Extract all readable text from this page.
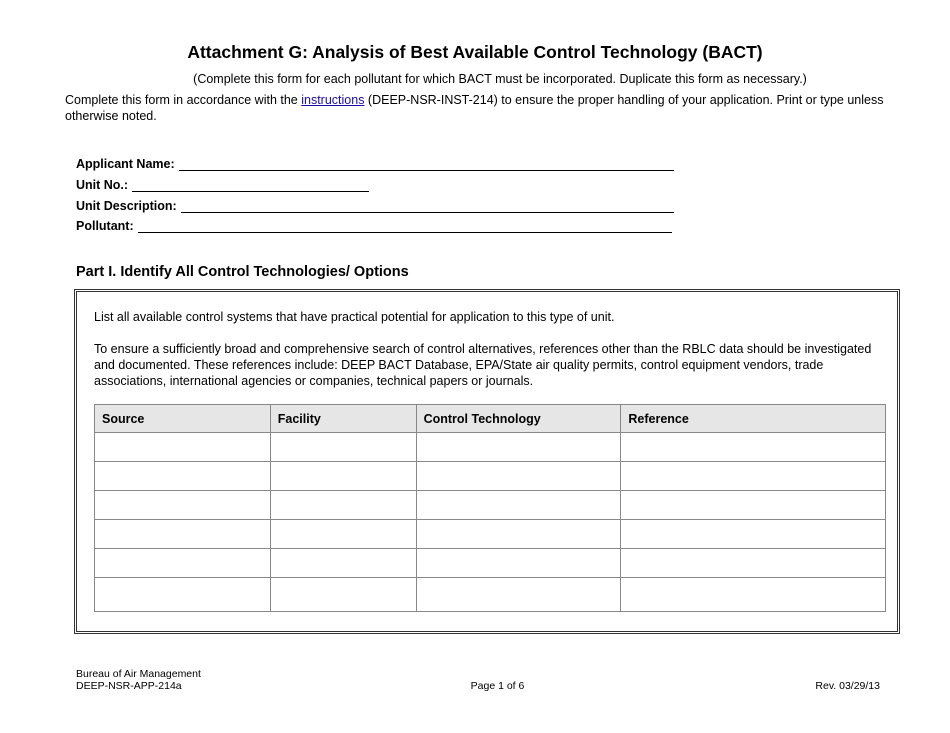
Attachment G: Analysis of Best Available Control Technology (BACT)
(Complete this form for each pollutant for which BACT must be incorporated. Duplicate this form as necessary.)
Complete this form in accordance with the instructions (DEEP-NSR-INST-214) to ensure the proper handling of your application. Print or type unless otherwise noted.
Applicant Name:
Unit No.:
Unit Description:
Pollutant:
Part I. Identify All Control Technologies/ Options

List all available control systems that have practical potential for application to this type of unit.

To ensure a sufficiently broad and comprehensive search of control alternatives, references other than the RBLC data should be investigated and documented. These references include: DEEP BACT Database, EPA/State air quality permits, control equipment vendors, trade associations, international agencies or companies, technical papers or journals.

Source	Facility	Control Technology	Reference

Bureau of Air Management
DEEP-NSR-APP-214a	Page 1 of 6	Rev. 03/29/13
